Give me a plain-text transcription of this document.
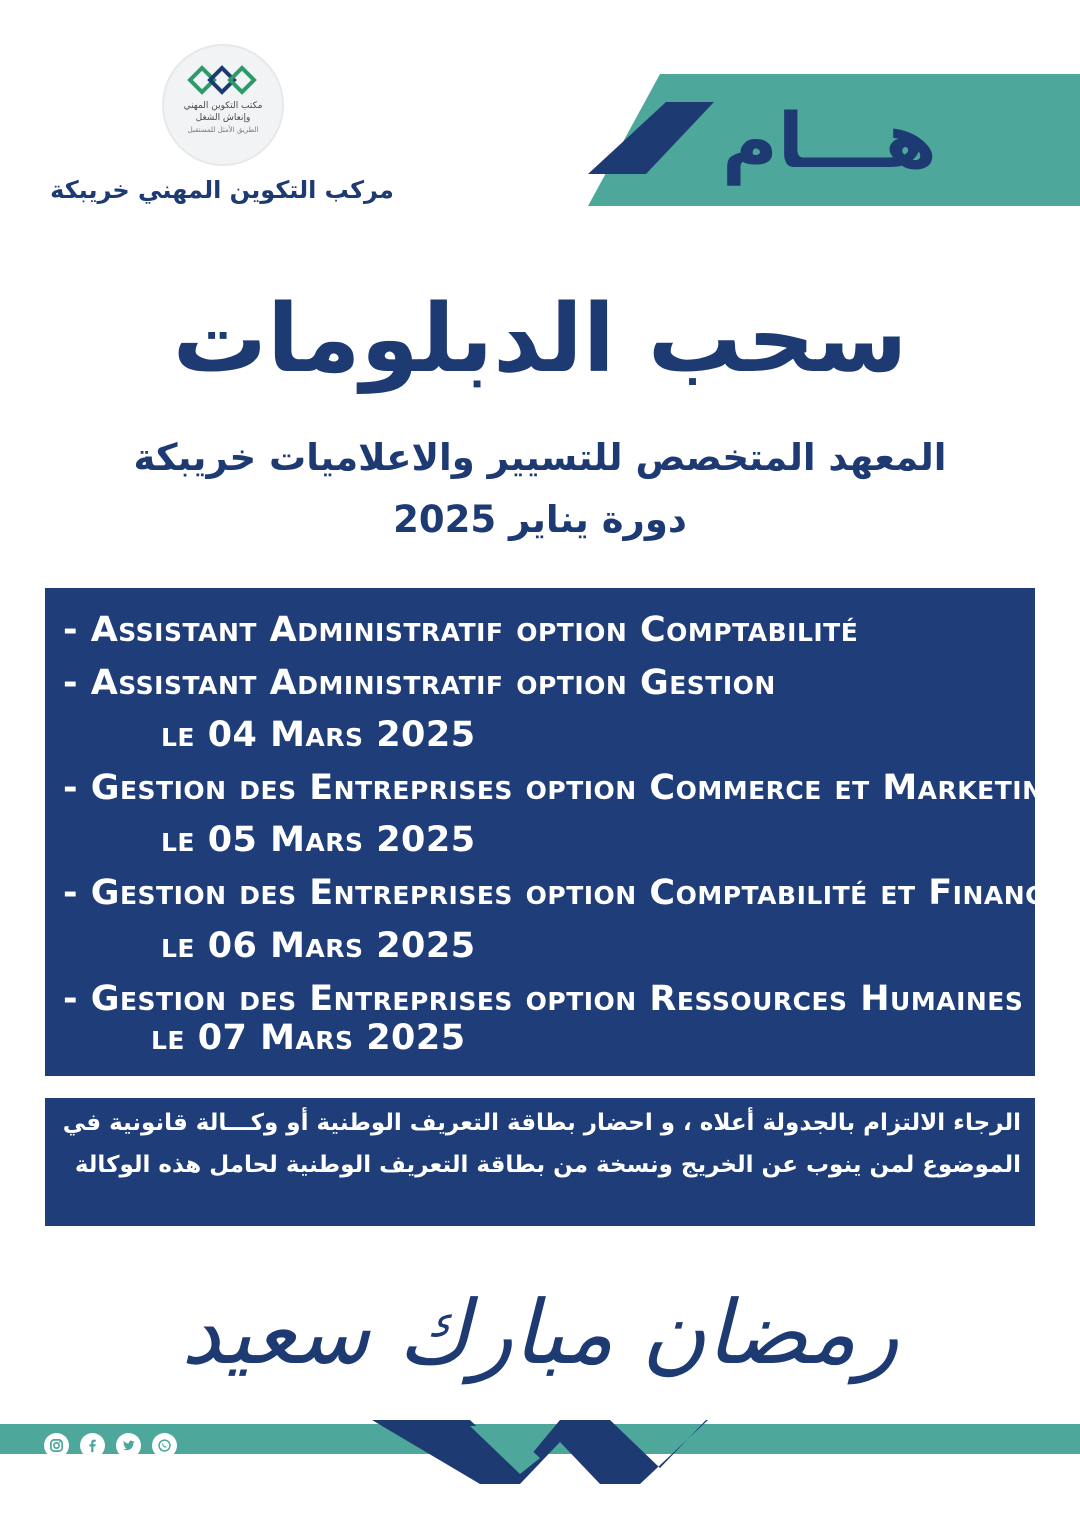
هـــام
مكتب التكوين المهني وإنعاش الشغل
الطريق الأمثل للمستقبل
مركب التكوين المهني خريبكة
سحب الدبلومات
المعهد المتخصص للتسيير والاعلاميات خريبكة
دورة يناير 2025
- Assistant Administratif option Comptabilité
- Assistant Administratif option Gestion
le 04 Mars 2025
- Gestion des Entreprises option Commerce et Marketing
le 05 Mars 2025
- Gestion des Entreprises option Comptabilité et Finance
le 06 Mars 2025
- Gestion des Entreprises option Ressources Humaines
le 07 Mars 2025
الرجاء الالتزام بالجدولة أعلاه ، و احضار بطاقة التعريف الوطنية أو وكـــالة قانونية في الموضوع لمن ينوب عن الخريج ونسخة من بطاقة التعريف الوطنية لحامل هذه الوكالة
رمضان مبارك سعيد
